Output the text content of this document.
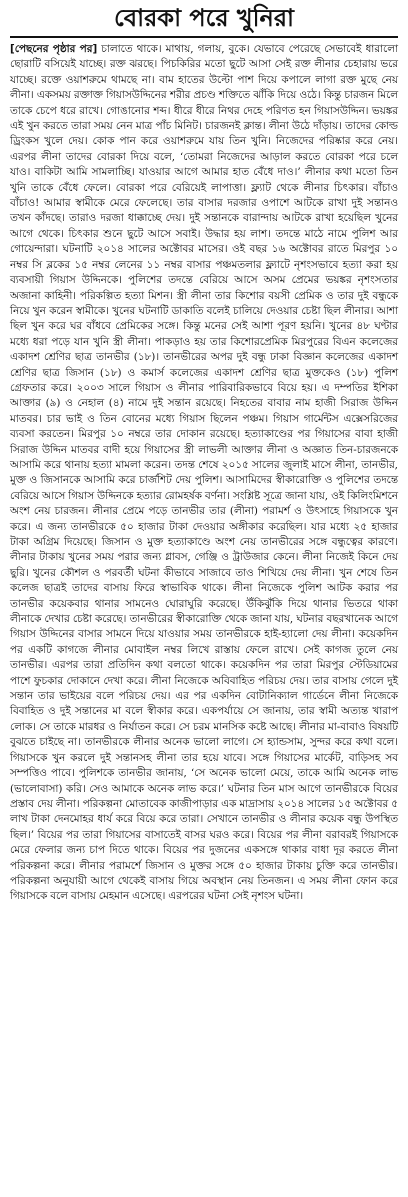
বোরকা পরে খুনিরা
[পেছনের পৃষ্ঠার পর]

চালাতে থাকে। মাথায়, গলায়, বুকে। যেভাবে পেরেছে সেভাবেই ধারালো ছোরাটি বসিয়েই যাচ্ছে। রক্ত ঝরছে। পিচকিরির মতো ছুটে আসা সেই রক্ত লীনার চেহারায় ভরে যাচ্ছে। রক্তে ওয়াশরুমে থামছে না। বাম হাতের উল্টো পাশ দিয়ে কপালে লাগা রক্ত মুছে নেয় লীনা। একসময় রক্তাক্ত গিয়াসউদ্দিনের শরীর প্রচণ্ড শক্তিতে ঝাঁকি দিয়ে ওঠে। কিন্তু চারজন মিলে তাকে চেপে ধরে রাখে। গোঙানোর শব্দ। ধীরে ধীরে নিথর দেহে পরিণত হন গিয়াসউদ্দিন। ভয়ঙ্কর এই খুন করতে তারা সময় নেন মাত্র পাঁচ মিনিট। চারজনই ক্লান্ত। লীনা উঠে দাঁড়ায়। তাদের কোল্ড ড্রিংকস খুলে দেয়। কোক পান করে ওয়াশরুমে যায় তিন খুনি। নিজেদের পরিষ্কার করে নেয়। এরপর লীনা তাদের বোরকা দিয়ে বলে, ‘তোমরা নিজেদের আড়াল করতে বোরকা পরে চলে যাও। বাকিটা আমি সামলাচ্ছি। যাওয়ার আগে আমার হাত বেঁধে দাও।’ লীনার কথা মতো তিন খুনি তাকে বেঁধে ফেলে। বোরকা পরে বেরিয়েই লাপাত্তা। ফ্ল্যাট থেকে লীনার চিৎকার। বাঁচাও বাঁচাও! আমার স্বামীকে মেরে ফেলেছে। তার বাসার দরজার ওপাশে আটকে রাখা দুই সন্তানও তখন কাঁদছে। তারাও দরজা ধাক্কাচ্ছে দেয়। দুই সন্তানকে বারান্দায় আটকে রাখা হয়েছিল খুনের আগে থেকে। চিৎকার শুনে ছুটে আসে সবাই। উদ্ধার হয় লাশ। তদন্তে মাঠে নামে পুলিশ আর গোয়েন্দারা। ঘটনাটি ২০১৪ সালের অক্টোবর মাসের। ওই বছর ১৬ অক্টোবর রাতে মিরপুর ১০ নম্বর সি ব্লকের ১৫ নম্বর লেনের ১১ নম্বর বাসার পঞ্চমতলার ফ্ল্যাটে নৃশংসভাবে হত্যা করা হয় ব্যবসায়ী গিয়াস উদ্দিনকে। পুলিশের তদন্তে বেরিয়ে আসে অসম প্রেমের ভয়ঙ্কর নৃশংসতার অজানা কাহিনী। পরিকল্পিত হত্যা মিশন। স্ত্রী লীনা তার কিশোর বয়সী প্রেমিক ও তার দুই বন্ধুকে নিয়ে খুন করেন স্বামীকে। খুনের ঘটনাটি ডাকাতি বলেই চালিয়ে দেওয়ার চেষ্টা ছিল লীনার। আশা ছিল খুন করে ঘর বাঁধবে প্রেমিকের সঙ্গে। কিন্তু মনের সেই আশা পূরণ হয়নি। খুনের ৪৮ ঘণ্টার মধ্যে ধরা পড়ে যান খুনি স্ত্রী লীনা। পাকড়াও হয় তার কিশোরপ্রেমিক মিরপুরের বিএন কলেজের একাদশ শ্রেণির ছাত্র তানভীর (১৮)। তানভীরের অপর দুই বন্ধু ঢাকা বিজ্ঞান কলেজের একাদশ শ্রেণির ছাত্র জিসান (১৮) ও কমার্স কলেজের একাদশ শ্রেণির ছাত্র মুক্তকেও (১৮) পুলিশ গ্রেফতার করে। ২০০৩ সালে গিয়াস ও লীনার পারিবারিকভাবে বিয়ে হয়। এ দম্পতির ইশিকা আক্তার (৯) ও নেহাল (৪) নামে দুই সন্তান রয়েছে। নিহতের বাবার নাম হাজী সিরাজ উদ্দিন মাতবর। চার ভাই ও তিন বোনের মধ্যে গিয়াস ছিলেন পঞ্চম। গিয়াস গার্মেন্টস এক্সেসরিজের ব্যবসা করতেন। মিরপুর ১০ নম্বরে তার দোকান রয়েছে। হত্যাকাণ্ডের পর গিয়াসের বাবা হাজী সিরাজ উদ্দিন মাতবর বাদী হয়ে গিয়াসের স্ত্রী লাভলী আক্তার লীনা ও অজ্ঞাত তিন-চারজনকে আসামি করে থানায় হত্যা মামলা করেন। তদন্ত শেষে ২০১৫ সালের জুলাই মাসে লীনা, তানভীর, মুক্ত ও জিসানকে আসামি করে চার্জশিট দেয় পুলিশ। আসামিদের স্বীকারোক্তি ও পুলিশের তদন্তে বেরিয়ে আসে গিয়াস উদ্দিনকে হত্যার রোমহর্ষক বর্ণনা। সংশ্লিষ্ট সূত্রে জানা যায়, ওই কিলিংমিশনে অংশ নেয় চারজন। লীনার প্রেমে পড়ে তানভীর তার (লীনা) পরামর্শ ও উৎসাহে গিয়াসকে খুন করে। এ জন্য তানভীরকে ৫০ হাজার টাকা দেওয়ার অঙ্গীকার করেছিল। যার মধ্যে ২৫ হাজার টাকা অগ্রিম দিয়েছে। জিসান ও মুক্ত হত্যাকাণ্ডে অংশ নেয় তানভীরের সঙ্গে বন্ধুত্বের কারণে। লীনার টাকায় খুনের সময় পরার জন্য গ্লাবস, গেঞ্জি ও ট্রাউজার কেনে। লীনা নিজেই কিনে দেয় ছুরি। খুনের কৌশল ও পরবর্তী ঘটনা কীভাবে সাজাবে তাও শিখিয়ে দেয় লীনা। খুন শেষে তিন কলেজ ছাত্রই তাদের বাসায় ফিরে স্বাভাবিক থাকে। লীনা নিজেকে পুলিশ আটক করার পর তানভীর কয়েকবার থানার সামনেও ঘোরাঘুরি করেছে। উঁকিঝুঁকি দিয়ে থানার ভিতরে থাকা লীনাকে দেখার চেষ্টা করেছে। তানভীরের স্বীকারোক্তি থেকে জানা যায়, ঘটনার বছরখানেক আগে গিয়াস উদ্দিনের বাসার সামনে দিয়ে যাওয়ার সময় তানভীরকে হাই-হ্যালো দেয় লীনা। কয়েকদিন পর একটি কাগজে লীনার মোবাইল নম্বর লিখে রাস্তায় ফেলে রাখে। সেই কাগজ তুলে নেয় তানভীর। এরপর তারা প্রতিদিন কথা বলতো থাকে। কয়েকদিন পর তারা মিরপুর স্টেডিয়ামের পাশে ফুচকার দোকানে দেখা করে। লীনা নিজেকে অবিবাহিত পরিচয় দেয়। তার বাসায় গেলে দুই সন্তান তার ভাইয়ের বলে পরিচয় দেয়। এর পর একদিন বোটানিক্যাল গার্ডেনে লীনা নিজেকে বিবাহিত ও দুই সন্তানের মা বলে স্বীকার করে। একপর্যায়ে সে জানায়, তার স্বামী অত্যন্ত খারাপ লোক। সে তাকে মারধর ও নির্যাতন করে। সে চরম মানসিক কষ্টে আছে। লীনার মা-বাবাও বিষয়টি বুঝতে চাইছে না। তানভীরকে লীনার অনেক ভালো লাগে। সে হ্যান্ডসাম, সুন্দর করে কথা বলে। গিয়াসকে খুন করলে দুই সন্তানসহ লীনা তার হয়ে যাবে। সঙ্গে গিয়াসের মার্কেট, বাড়িসহ সব সম্পত্তিও পাবে। পুলিশকে তানভীর জানায়, ‘সে অনেক ভালো মেয়ে, তাকে আমি অনেক লাভ (ভালোবাসা) করি। সেও আমাকে অনেক লাভ করে।’ ঘটনার তিন মাস আগে তানভীরকে বিয়ের প্রস্তাব দেয় লীনা। পরিকল্পনা মোতাবেক কাজীপাড়ার এক মাদ্রাসায় ২০১৪ সালের ১৫ অক্টোবর ৫ লাখ টাকা দেনমোহর ধার্য করে বিয়ে করে তারা। সেখানে তানভীর ও লীনার কয়েক বন্ধু উপস্থিত ছিল।’ বিয়ের পর তারা গিয়াসের বাসাতেই বাসর ঘরও করে। বিয়ের পর লীনা বরাবরই গিয়াসকে মেরে ফেলার জন্য চাপ দিতে থাকে। বিয়ের পর দুজনের একসঙ্গে থাকার বাধা দূর করতে লীনা পরিকল্পনা করে। লীনার পরামর্শে জিসান ও মুক্তর সঙ্গে ৫০ হাজার টাকায় চুক্তি করে তানভীর। পরিকল্পনা অনুযায়ী আগে থেকেই বাসায় গিয়ে অবস্থান নেয় তিনজন। এ সময় লীনা ফোন করে গিয়াসকে বলে বাসায় মেহমান এসেছে। এরপরের ঘটনা সেই নৃশংস ঘটনা।
